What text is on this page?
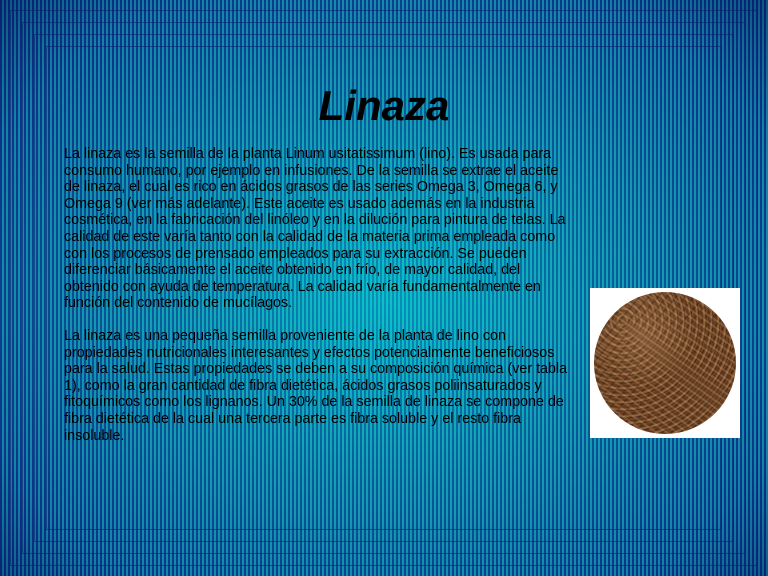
Linaza

La linaza es la semilla de la planta Linum usitatissimum (lino). Es usada para consumo humano, por ejemplo en infusiones. De la semilla se extrae el aceite de linaza, el cual es rico en ácidos grasos de las series Omega 3, Omega 6, y Omega 9 (ver más adelante). Este aceite es usado además en la industria cosmética, en la fabricación del linóleo y en la dilución para pintura de telas. La calidad de este varía tanto con la calidad de la materia prima empleada como con los procesos de prensado empleados para su extracción. Se pueden diferenciar básicamente el aceite obtenido en frío, de mayor calidad, del obtenido con ayuda de temperatura. La calidad varía fundamentalmente en función del contenido de mucílagos.

La linaza es una pequeña semilla proveniente de la planta de lino con propiedades nutricionales interesantes y efectos potencialmente beneficiosos para la salud. Estas propiedades se deben a su composición química (ver tabla 1), como la gran cantidad de fibra dietética, ácidos grasos poliinsaturados y fitoquímicos como los lignanos. Un 30% de la semilla de linaza se compone de fibra dietética de la cual una tercera parte es fibra soluble y el resto fibra insoluble.
